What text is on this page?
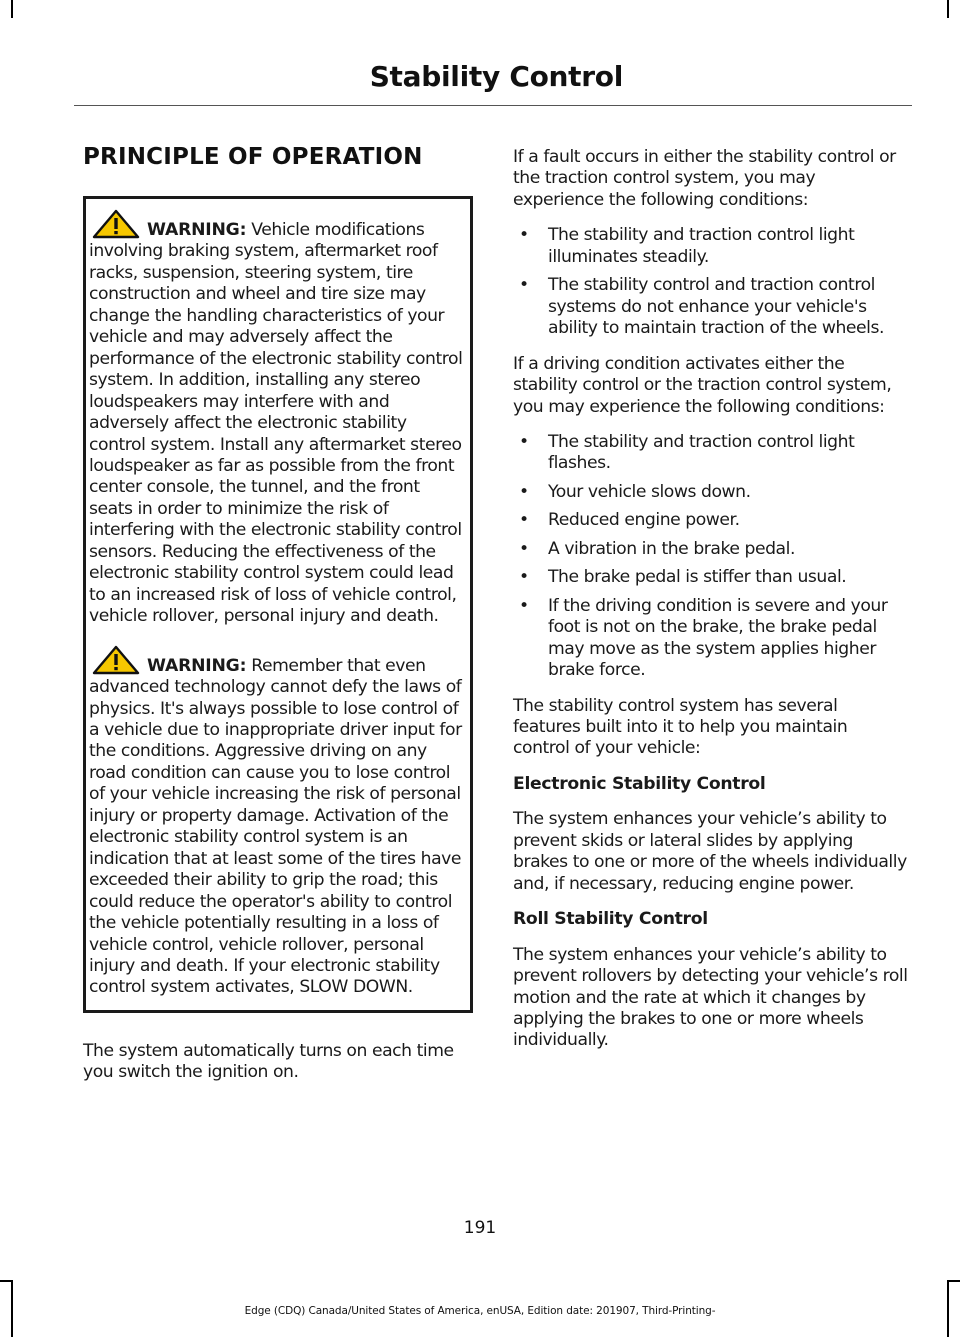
Stability Control
PRINCIPLE OF OPERATION

WARNING: Vehicle modifications involving braking system, aftermarket roof racks, suspension, steering system, tire construction and wheel and tire size may change the handling characteristics of your vehicle and may adversely affect the performance of the electronic stability control system. In addition, installing any stereo loudspeakers may interfere with and adversely affect the electronic stability control system. Install any aftermarket stereo loudspeaker as far as possible from the front center console, the tunnel, and the front seats in order to minimize the risk of interfering with the electronic stability control sensors. Reducing the effectiveness of the electronic stability control system could lead to an increased risk of loss of vehicle control, vehicle rollover, personal injury and death.

WARNING: Remember that even advanced technology cannot defy the laws of physics. It's always possible to lose control of a vehicle due to inappropriate driver input for the conditions. Aggressive driving on any road condition can cause you to lose control of your vehicle increasing the risk of personal injury or property damage. Activation of the electronic stability control system is an indication that at least some of the tires have exceeded their ability to grip the road; this could reduce the operator's ability to control the vehicle potentially resulting in a loss of vehicle control, vehicle rollover, personal injury and death. If your electronic stability control system activates, SLOW DOWN.

The system automatically turns on each time you switch the ignition on.

If a fault occurs in either the stability control or the traction control system, you may experience the following conditions:

• The stability and traction control light illuminates steadily.
• The stability control and traction control systems do not enhance your vehicle's ability to maintain traction of the wheels.

If a driving condition activates either the stability control or the traction control system, you may experience the following conditions:

• The stability and traction control light flashes.
• Your vehicle slows down.
• Reduced engine power.
• A vibration in the brake pedal.
• The brake pedal is stiffer than usual.
• If the driving condition is severe and your foot is not on the brake, the brake pedal may move as the system applies higher brake force.

The stability control system has several features built into it to help you maintain control of your vehicle:

Electronic Stability Control

The system enhances your vehicle’s ability to prevent skids or lateral slides by applying brakes to one or more of the wheels individually and, if necessary, reducing engine power.

Roll Stability Control

The system enhances your vehicle’s ability to prevent rollovers by detecting your vehicle’s roll motion and the rate at which it changes by applying the brakes to one or more wheels individually.

191
Edge (CDQ) Canada/United States of America, enUSA, Edition date: 201907, Third-Printing-
